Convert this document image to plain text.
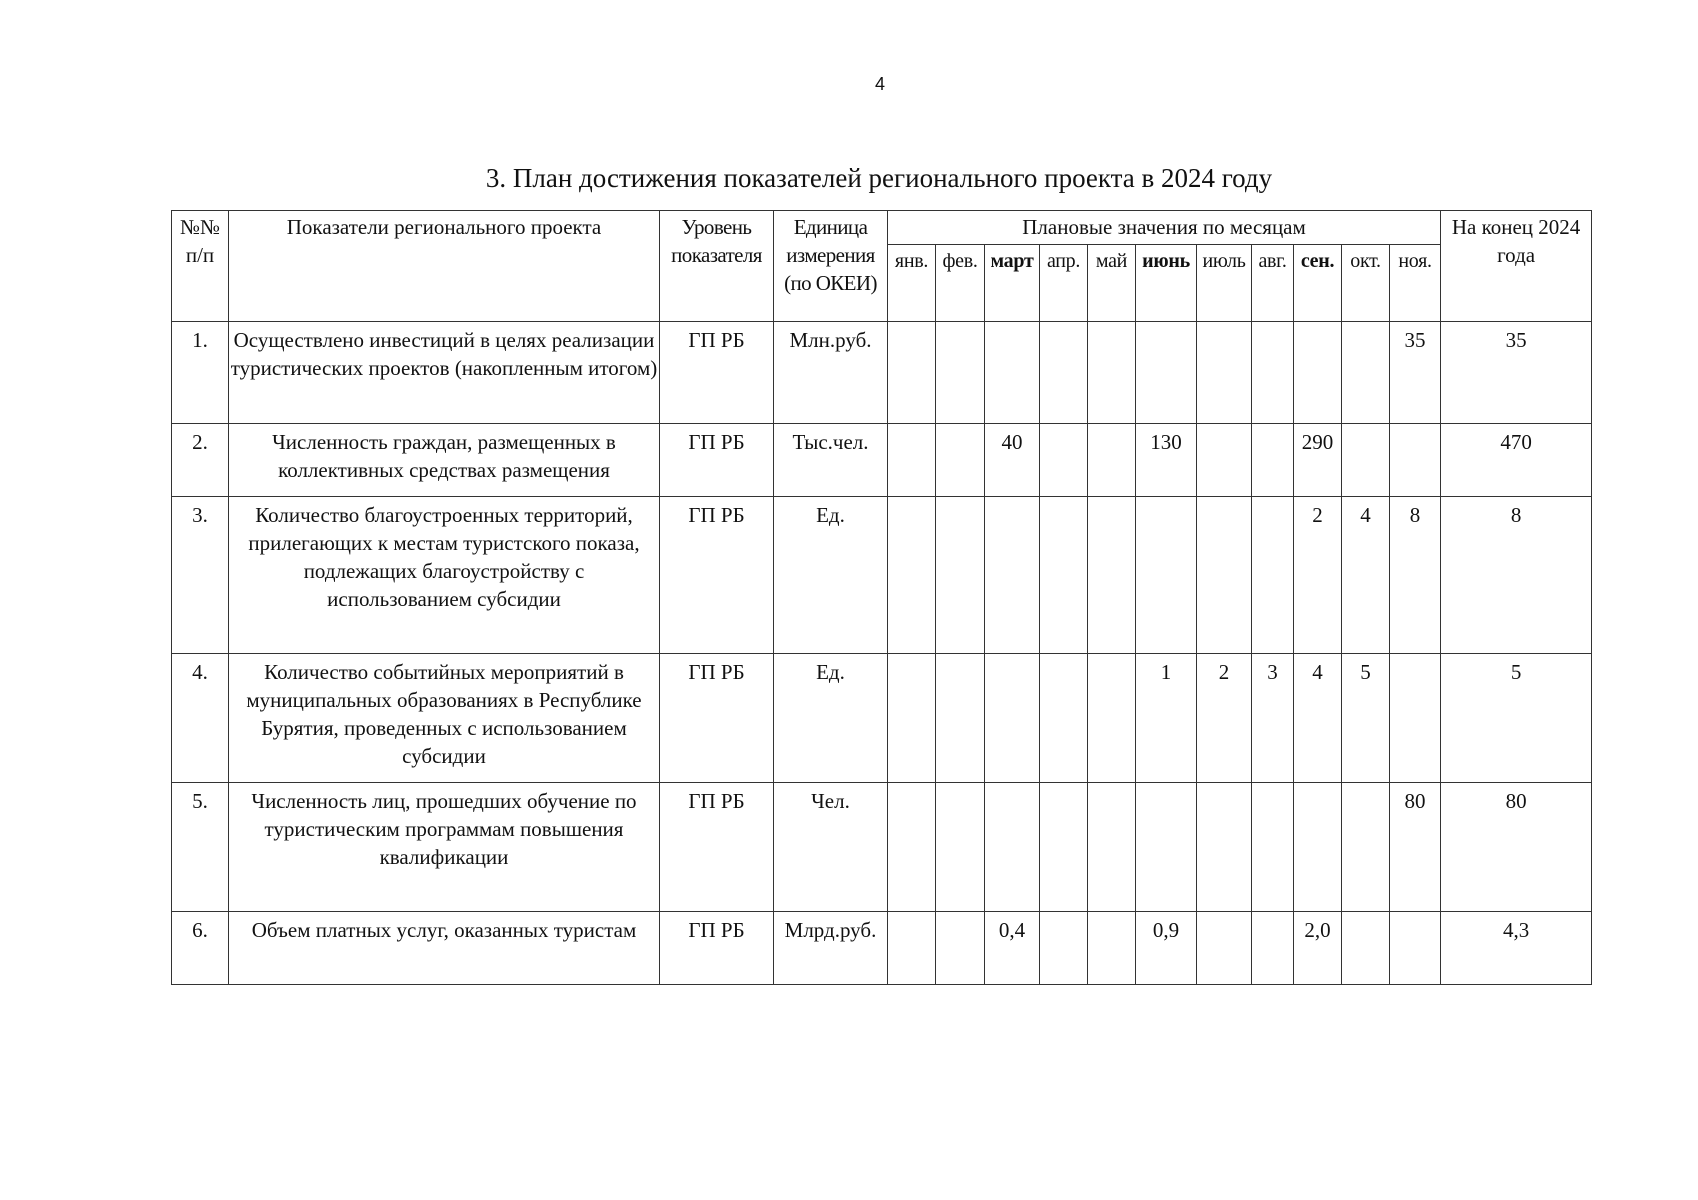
4
3. План достижения показателей регионального проекта в 2024 году
№№ п/п	Показатели регионального проекта	Уровень показателя	Единица измерения (по ОКЕИ)	Плановые значения по месяцам											На конец 2024 года
				янв.	фев.	март	апр.	май	июнь	июль	авг.	сен.	окт.	ноя.	
1.	Осуществлено инвестиций в целях реализации туристических проектов (накопленным итогом)	ГП РБ	Млн.руб.											35	35
2.	Численность граждан, размещенных в коллективных средствах размещения	ГП РБ	Тыс.чел.			40			130			290			470
3.	Количество благоустроенных территорий, прилегающих к местам туристского показа, подлежащих благоустройству с использованием субсидии	ГП РБ	Ед.									2	4	8	8
4.	Количество событийных мероприятий в муниципальных образованиях в Республике Бурятия, проведенных с использованием субсидии	ГП РБ	Ед.						1	2	3	4	5		5
5.	Численность лиц, прошедших обучение по туристическим программам повышения квалификации	ГП РБ	Чел.											80	80
6.	Объем платных услуг, оказанных туристам	ГП РБ	Млрд.руб.			0,4			0,9			2,0			4,3
